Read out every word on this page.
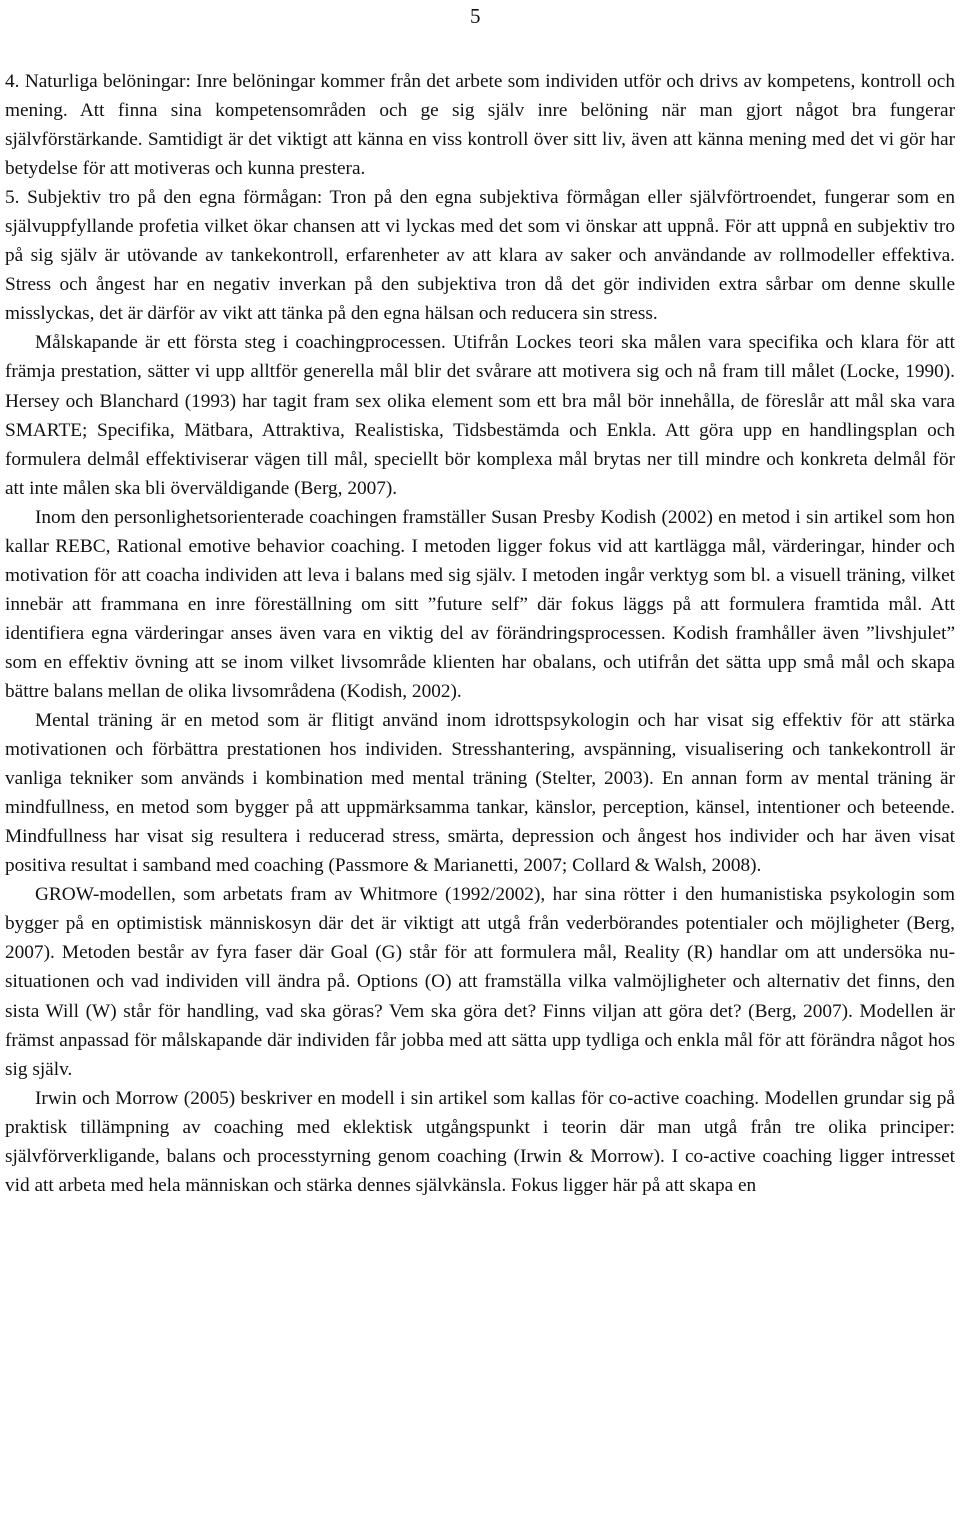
5

4. Naturliga belöningar: Inre belöningar kommer från det arbete som individen utför och drivs av kompetens, kontroll och mening. Att finna sina kompetensområden och ge sig själv inre belöning när man gjort något bra fungerar självförstärkande. Samtidigt är det viktigt att känna en viss kontroll över sitt liv, även att känna mening med det vi gör har betydelse för att motiveras och kunna prestera.

5. Subjektiv tro på den egna förmågan: Tron på den egna subjektiva förmågan eller självförtroendet, fungerar som en självuppfyllande profetia vilket ökar chansen att vi lyckas med det som vi önskar att uppnå. För att uppnå en subjektiv tro på sig själv är utövande av tankekontroll, erfarenheter av att klara av saker och användande av rollmodeller effektiva. Stress och ångest har en negativ inverkan på den subjektiva tron då det gör individen extra sårbar om denne skulle misslyckas, det är därför av vikt att tänka på den egna hälsan och reducera sin stress.

Målskapande är ett första steg i coachingprocessen. Utifrån Lockes teori ska målen vara specifika och klara för att främja prestation, sätter vi upp alltför generella mål blir det svårare att motivera sig och nå fram till målet (Locke, 1990). Hersey och Blanchard (1993) har tagit fram sex olika element som ett bra mål bör innehålla, de föreslår att mål ska vara SMARTE; Specifika, Mätbara, Attraktiva, Realistiska, Tidsbestämda och Enkla. Att göra upp en handlingsplan och formulera delmål effektiviserar vägen till mål, speciellt bör komplexa mål brytas ner till mindre och konkreta delmål för att inte målen ska bli överväldigande (Berg, 2007).

Inom den personlighetsorienterade coachingen framställer Susan Presby Kodish (2002) en metod i sin artikel som hon kallar REBC, Rational emotive behavior coaching. I metoden ligger fokus vid att kartlägga mål, värderingar, hinder och motivation för att coacha individen att leva i balans med sig själv. I metoden ingår verktyg som bl. a visuell träning, vilket innebär att frammana en inre föreställning om sitt ”future self” där fokus läggs på att formulera framtida mål. Att identifiera egna värderingar anses även vara en viktig del av förändringsprocessen. Kodish framhåller även ”livshjulet” som en effektiv övning att se inom vilket livsområde klienten har obalans, och utifrån det sätta upp små mål och skapa bättre balans mellan de olika livsområdena (Kodish, 2002).

Mental träning är en metod som är flitigt använd inom idrottspsykologin och har visat sig effektiv för att stärka motivationen och förbättra prestationen hos individen. Stresshantering, avspänning, visualisering och tankekontroll är vanliga tekniker som används i kombination med mental träning (Stelter, 2003). En annan form av mental träning är mindfullness, en metod som bygger på att uppmärksamma tankar, känslor, perception, känsel, intentioner och beteende. Mindfullness har visat sig resultera i reducerad stress, smärta, depression och ångest hos individer och har även visat positiva resultat i samband med coaching (Passmore & Marianetti, 2007; Collard & Walsh, 2008).

GROW-modellen, som arbetats fram av Whitmore (1992/2002), har sina rötter i den humanistiska psykologin som bygger på en optimistisk människosyn där det är viktigt att utgå från vederbörandes potentialer och möjligheter (Berg, 2007). Metoden består av fyra faser där Goal (G) står för att formulera mål, Reality (R) handlar om att undersöka nu-situationen och vad individen vill ändra på. Options (O) att framställa vilka valmöjligheter och alternativ det finns, den sista Will (W) står för handling, vad ska göras? Vem ska göra det? Finns viljan att göra det? (Berg, 2007). Modellen är främst anpassad för målskapande där individen får jobba med att sätta upp tydliga och enkla mål för att förändra något hos sig själv.

Irwin och Morrow (2005) beskriver en modell i sin artikel som kallas för co-active coaching. Modellen grundar sig på praktisk tillämpning av coaching med eklektisk utgångspunkt i teorin där man utgå från tre olika principer: självförverkligande, balans och processtyrning genom coaching (Irwin & Morrow). I co-active coaching ligger intresset vid att arbeta med hela människan och stärka dennes självkänsla. Fokus ligger här på att skapa en
